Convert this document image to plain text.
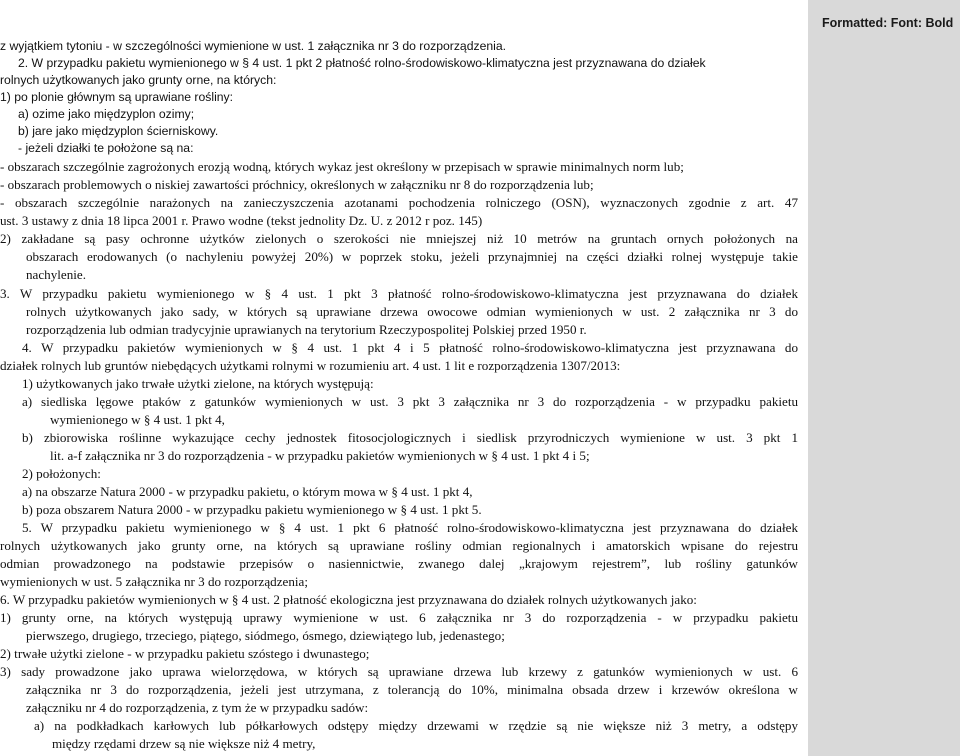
z wyjątkiem tytoniu - w szczególności wymienione w ust. 1 załącznika nr 3 do rozporządzenia.
2. W przypadku pakietu wymienionego w § 4 ust. 1 pkt 2 płatność rolno-środowiskowo-klimatyczna jest przyznawana do działek
rolnych użytkowanych jako grunty orne, na których:
1) po plonie głównym są uprawiane rośliny:
a) ozime jako międzyplon ozimy;
b) jare jako międzyplon ścierniskowy.
- jeżeli działki te położone są na:
- obszarach szczególnie zagrożonych erozją wodną, których wykaz jest określony w przepisach w sprawie minimalnych norm lub;
- obszarach problemowych o niskiej zawartości próchnicy, określonych w załączniku nr 8 do rozporządzenia lub;
- obszarach szczególnie narażonych na zanieczyszczenia azotanami pochodzenia rolniczego (OSN), wyznaczonych zgodnie z art. 47
ust. 3 ustawy z dnia 18 lipca 2001 r. Prawo wodne (tekst jednolity Dz. U. z 2012 r poz. 145)
2) zakładane są pasy ochronne użytków zielonych o szerokości nie mniejszej niż 10 metrów na gruntach ornych położonych na
obszarach erodowanych (o nachyleniu powyżej 20%) w poprzek stoku, jeżeli przynajmniej na części działki rolnej występuje takie
nachylenie.
3. W przypadku pakietu wymienionego w § 4 ust. 1 pkt 3 płatność rolno-środowiskowo-klimatyczna jest przyznawana do działek
rolnych użytkowanych jako sady, w których są uprawiane drzewa owocowe odmian wymienionych w ust. 2 załącznika nr 3 do
rozporządzenia lub odmian tradycyjnie uprawianych na terytorium Rzeczypospolitej Polskiej przed 1950 r.
4. W przypadku pakietów wymienionych w § 4 ust. 1 pkt 4 i 5 płatność rolno-środowiskowo-klimatyczna jest przyznawana do
działek rolnych lub gruntów niebędących użytkami rolnymi w rozumieniu art. 4 ust. 1 lit e rozporządzenia 1307/2013:
1) użytkowanych jako trwałe użytki zielone, na których występują:
a) siedliska lęgowe ptaków z gatunków wymienionych w ust. 3 pkt 3 załącznika nr 3 do rozporządzenia - w przypadku pakietu
wymienionego w § 4 ust. 1 pkt 4,
b) zbiorowiska roślinne wykazujące cechy jednostek fitosocjologicznych i siedlisk przyrodniczych wymienione w ust. 3 pkt 1
lit. a-f załącznika nr 3 do rozporządzenia - w przypadku pakietów wymienionych w § 4 ust. 1 pkt 4 i 5;
2) położonych:
a) na obszarze Natura 2000 - w przypadku pakietu, o którym mowa w § 4 ust. 1 pkt 4,
b) poza obszarem Natura 2000 - w przypadku pakietu wymienionego w § 4 ust. 1 pkt 5.
5. W przypadku pakietu wymienionego w § 4 ust. 1 pkt 6 płatność rolno-środowiskowo-klimatyczna jest przyznawana do działek
rolnych użytkowanych jako grunty orne, na których są uprawiane rośliny odmian regionalnych i amatorskich wpisane do rejestru
odmian prowadzonego na podstawie przepisów o nasiennictwie, zwanego dalej „krajowym rejestrem”, lub rośliny gatunków
wymienionych w ust. 5 załącznika nr 3 do rozporządzenia;
6. W przypadku pakietów wymienionych w § 4 ust. 2 płatność ekologiczna jest przyznawana do działek rolnych użytkowanych jako:
1) grunty orne, na których występują uprawy wymienione w ust. 6 załącznika nr 3 do rozporządzenia - w przypadku pakietu
pierwszego, drugiego, trzeciego, piątego, siódmego, ósmego, dziewiątego lub, jedenastego;
2) trwałe użytki zielone - w przypadku pakietu szóstego i dwunastego;
3) sady prowadzone jako uprawa wielorzędowa, w których są uprawiane drzewa lub krzewy z gatunków wymienionych w ust. 6
załącznika nr 3 do rozporządzenia, jeżeli jest utrzymana, z tolerancją do 10%, minimalna obsada drzew i krzewów określona w
załączniku nr 4 do rozporządzenia, z tym że w przypadku sadów:
a) na podkładkach karłowych lub półkarłowych odstępy między drzewami w rzędzie są nie większe niż 3 metry, a odstępy
między rzędami drzew są nie większe niż 4 metry,
Formatted: Font: Bold
